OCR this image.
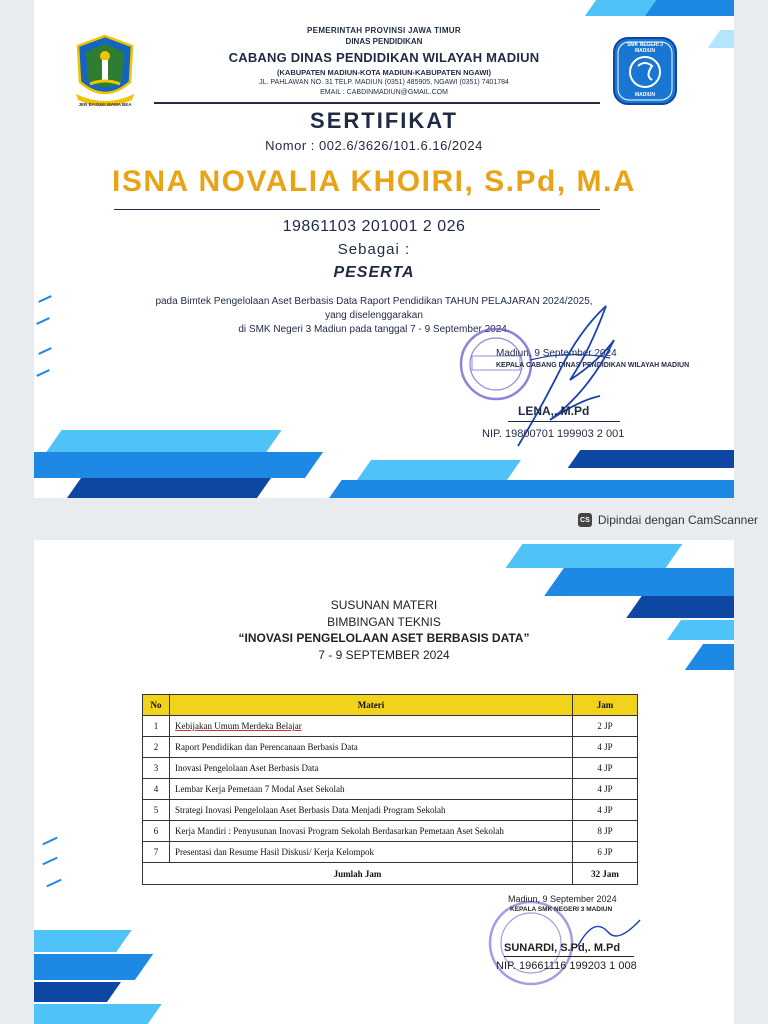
SMK NEGERI 3 MADIUN
MADIUN
JER BASUKI MAWA BEA
PEMERINTAH PROVINSI JAWA TIMUR
DINAS PENDIDIKAN
CABANG DINAS PENDIDIKAN WILAYAH MADIUN
(KABUPATEN MADIUN-KOTA MADIUN-KABUPATEN NGAWI)
JL. PAHLAWAN NO. 31 TELP. MADIUN (0351) 485905, NGAWI (0351) 7401784
EMAIL : CABDINMADIUN@GMAIL.COM
SERTIFIKAT
Nomor : 002.6/3626/101.6.16/2024
ISNA NOVALIA KHOIRI, S.Pd, M.A
19861103 201001 2 026
Sebagai :
PESERTA
pada Bimtek Pengelolaan Aset Berbasis Data Raport Pendidikan TAHUN PELAJARAN 2024/2025,
yang diselenggarakan
di SMK Negeri 3 Madiun pada tanggal 7 - 9 September 2024.
Madiun, 9 September 2024
KEPALA CABANG DINAS PENDIDIKAN WILAYAH MADIUN
LENA,. M.Pd
NIP. 19800701 199903 2 001
CS Dipindai dengan CamScanner
SUSUNAN MATERI
BIMBINGAN TEKNIS
“INOVASI PENGELOLAAN ASET BERBASIS DATA”
7 - 9 SEPTEMBER 2024
No	Materi	Jam
1	Kebijakan Umum Merdeka Belajar	2 JP
2	Raport Pendidikan dan Perencanaan Berbasis Data	4 JP
3	Inovasi Pengelolaan Aset Berbasis Data	4 JP
4	Lembar Kerja Pemetaan 7 Modal Aset Sekolah	4 JP
5	Strategi Inovasi Pengelolaan Aset Berbasis Data Menjadi Program Sekolah	4 JP
6	Kerja Mandiri : Penyusunan Inovasi Program Sekolah Berdasarkan Pemetaan Aset Sekolah	8 JP
7	Presentasi dan Resume Hasil Diskusi/ Kerja Kelompok	6 JP
Jumlah Jam		32 Jam
Madiun, 9 September 2024
KEPALA SMK NEGERI 3 MADIUN
SUNARDI, S.Pd,. M.Pd
NIP. 19661116 199203 1 008
